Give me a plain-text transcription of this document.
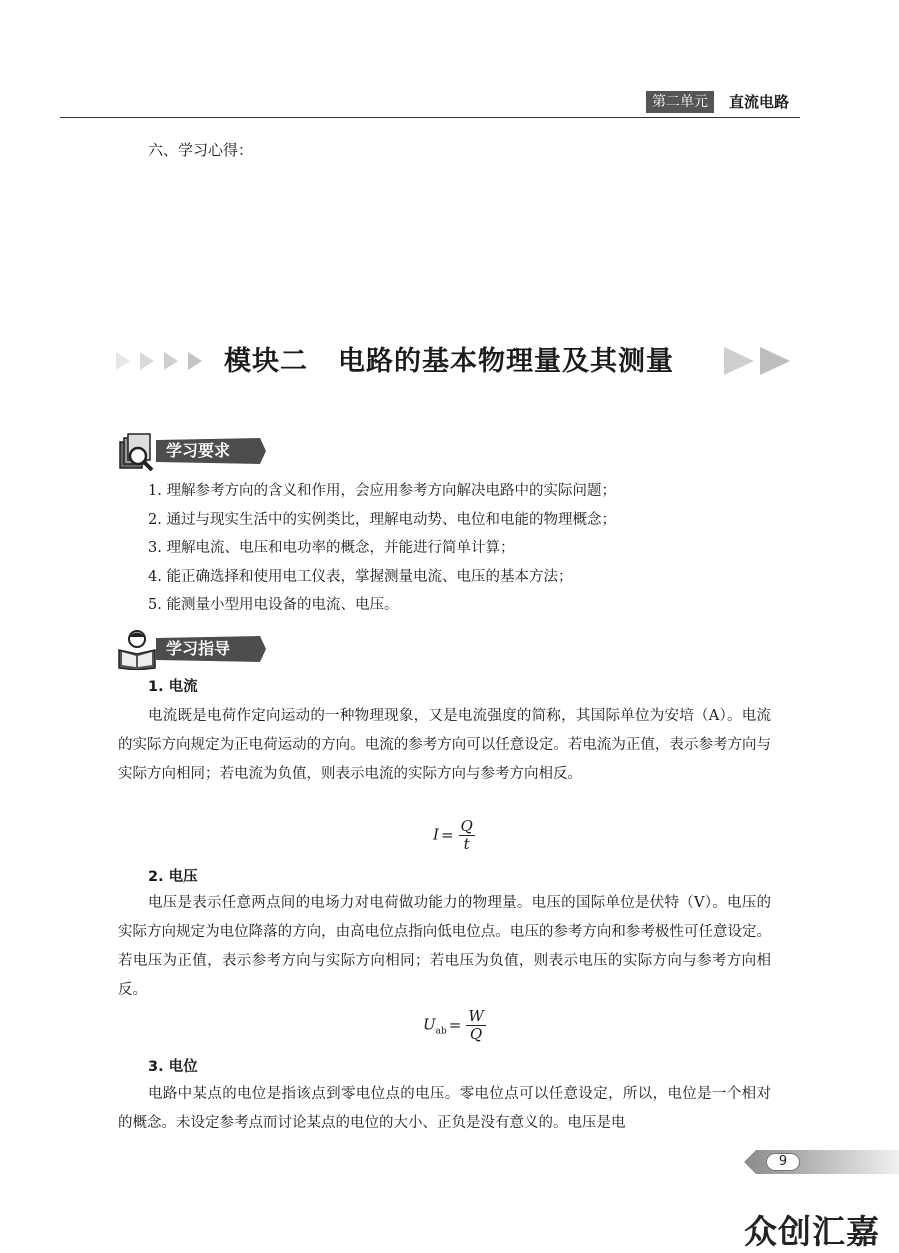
第二单元	直流电路
六、学习心得：
模块二 电路的基本物理量及其测量
学习要求
1. 理解参考方向的含义和作用，会应用参考方向解决电路中的实际问题；
2. 通过与现实生活中的实例类比，理解电动势、电位和电能的物理概念；
3. 理解电流、电压和电功率的概念，并能进行简单计算；
4. 能正确选择和使用电工仪表，掌握测量电流、电压的基本方法；
5. 能测量小型用电设备的电流、电压。
学习指导
1. 电流
电流既是电荷作定向运动的一种物理现象，又是电流强度的简称，其国际单位为安培（A）。电流的实际方向规定为正电荷运动的方向。电流的参考方向可以任意设定。若电流为正值，表示参考方向与实际方向相同；若电流为负值，则表示电流的实际方向与参考方向相反。
$I = \frac{Q}{t}$
2. 电压
电压是表示任意两点间的电场力对电荷做功能力的物理量。电压的国际单位是伏特（V）。电压的实际方向规定为电位降落的方向，由高电位点指向低电位点。电压的参考方向和参考极性可任意设定。若电压为正值，表示参考方向与实际方向相同；若电压为负值，则表示电压的实际方向与参考方向相反。
$U_{ab} = \frac{W}{Q}$
3. 电位
电路中某点的电位是指该点到零电位点的电压。零电位点可以任意设定，所以，电位是一个相对的概念。未设定参考点而讨论某点的电位的大小、正负是没有意义的。电压是电
9
众创汇嘉
